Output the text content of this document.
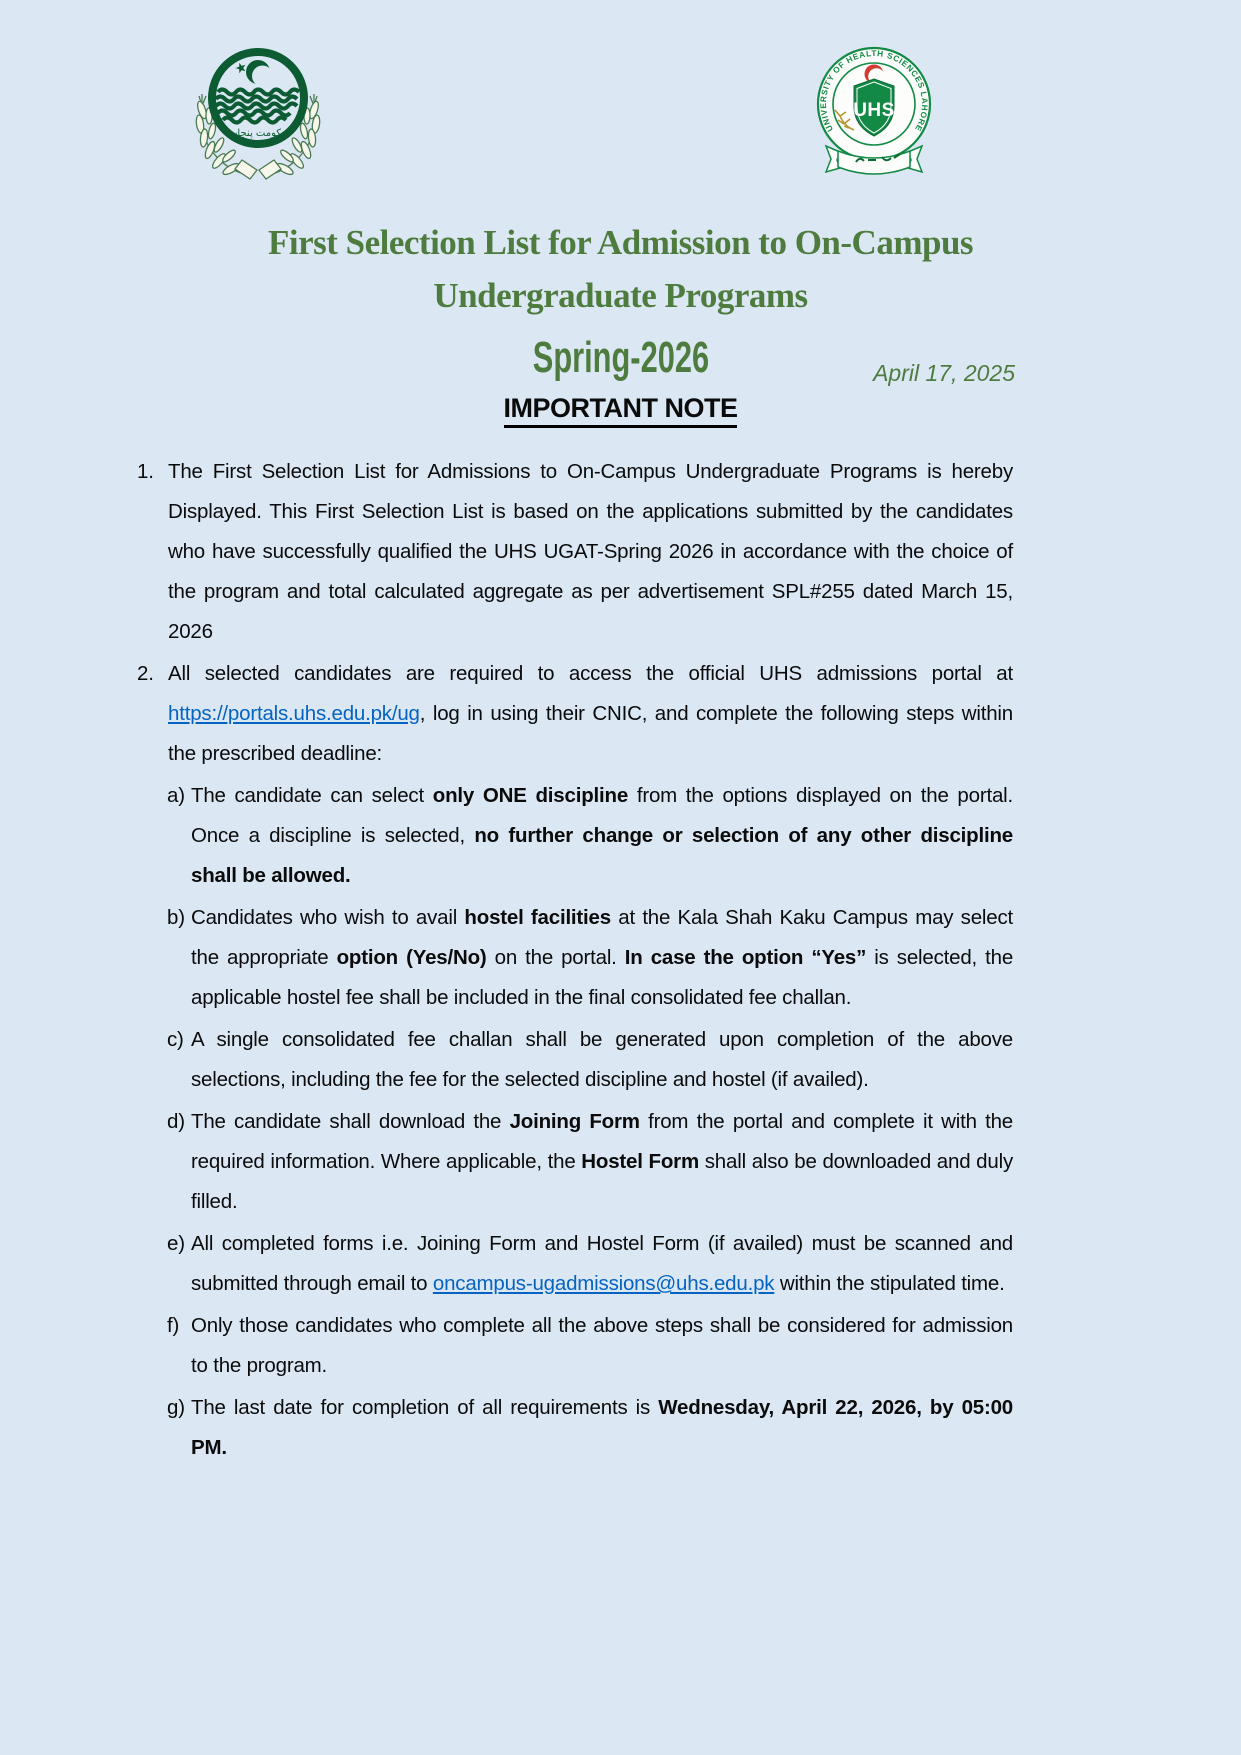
حکومت پنجاب
UNIVERSITY OF HEALTH SCIENCES LAHORE
UHS
First Selection List for Admission to On-Campus
Undergraduate Programs
Spring-2026	April 17, 2025
IMPORTANT NOTE
1. The First Selection List for Admissions to On-Campus Undergraduate Programs is hereby Displayed. This First Selection List is based on the applications submitted by the candidates who have successfully qualified the UHS UGAT-Spring 2026 in accordance with the choice of the program and total calculated aggregate as per advertisement SPL#255 dated March 15, 2026
2. All selected candidates are required to access the official UHS admissions portal at https://portals.uhs.edu.pk/ug, log in using their CNIC, and complete the following steps within the prescribed deadline:
a) The candidate can select only ONE discipline from the options displayed on the portal. Once a discipline is selected, no further change or selection of any other discipline shall be allowed.
b) Candidates who wish to avail hostel facilities at the Kala Shah Kaku Campus may select the appropriate option (Yes/No) on the portal. In case the option “Yes” is selected, the applicable hostel fee shall be included in the final consolidated fee challan.
c) A single consolidated fee challan shall be generated upon completion of the above selections, including the fee for the selected discipline and hostel (if availed).
d) The candidate shall download the Joining Form from the portal and complete it with the required information. Where applicable, the Hostel Form shall also be downloaded and duly filled.
e) All completed forms i.e. Joining Form and Hostel Form (if availed) must be scanned and submitted through email to oncampus-ugadmissions@uhs.edu.pk within the stipulated time.
f) Only those candidates who complete all the above steps shall be considered for admission to the program.
g) The last date for completion of all requirements is Wednesday, April 22, 2026, by 05:00 PM.
